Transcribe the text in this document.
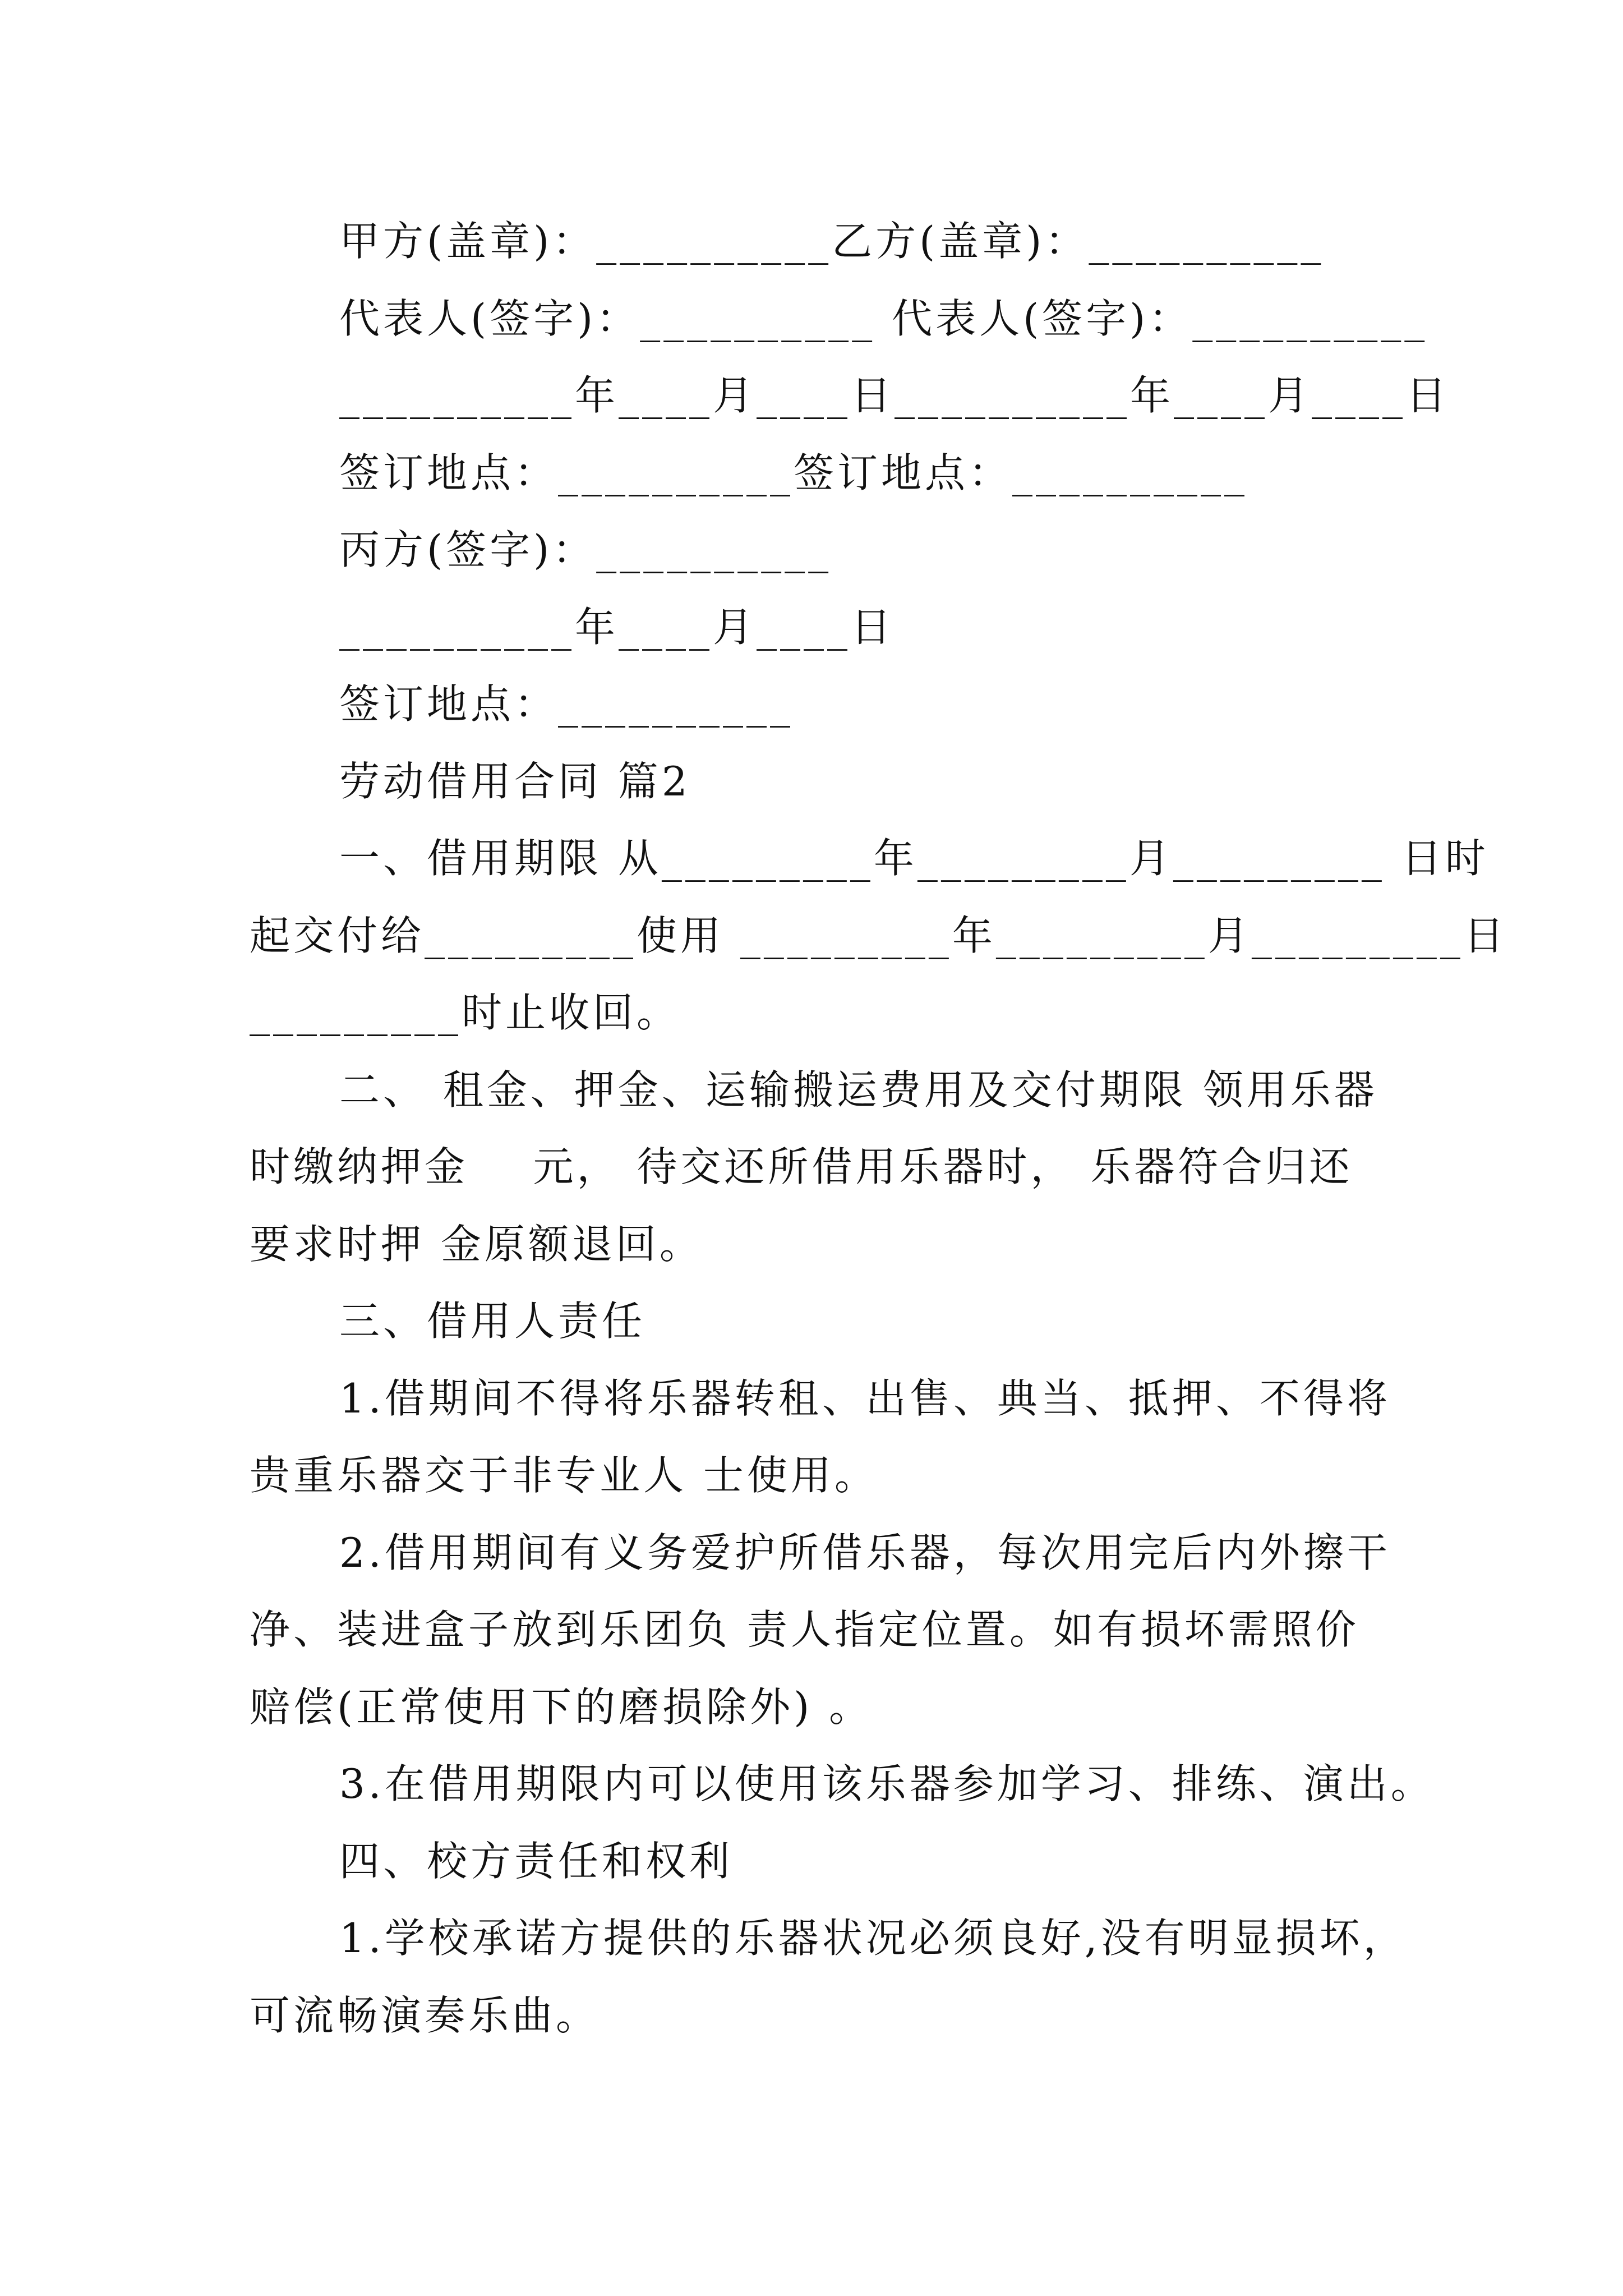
甲方(盖章)：__________乙方(盖章)：__________
代表人(签字)：__________ 代表人(签字)：__________
__________年____月____日__________年____月____日
签订地点：__________签订地点：__________
丙方(签字)：__________
__________年____月____日
签订地点：__________
劳动借用合同 篇2
一、借用期限 从_________年_________月_________ 日时
起交付给_________使用 _________年_________月_________日
_________时止收回。
二、 租金、押金、运输搬运费用及交付期限 领用乐器
时缴纳押金    元， 待交还所借用乐器时， 乐器符合归还
要求时押 金原额退回。
三、借用人责任
1.借期间不得将乐器转租、出售、典当、抵押、不得将
贵重乐器交于非专业人 士使用。
2.借用期间有义务爱护所借乐器，每次用完后内外擦干
净、装进盒子放到乐团负 责人指定位置。如有损坏需照价
赔偿(正常使用下的磨损除外) 。
3.在借用期限内可以使用该乐器参加学习、排练、演出。
四、校方责任和权利
1.学校承诺方提供的乐器状况必须良好,没有明显损坏，
可流畅演奏乐曲。
